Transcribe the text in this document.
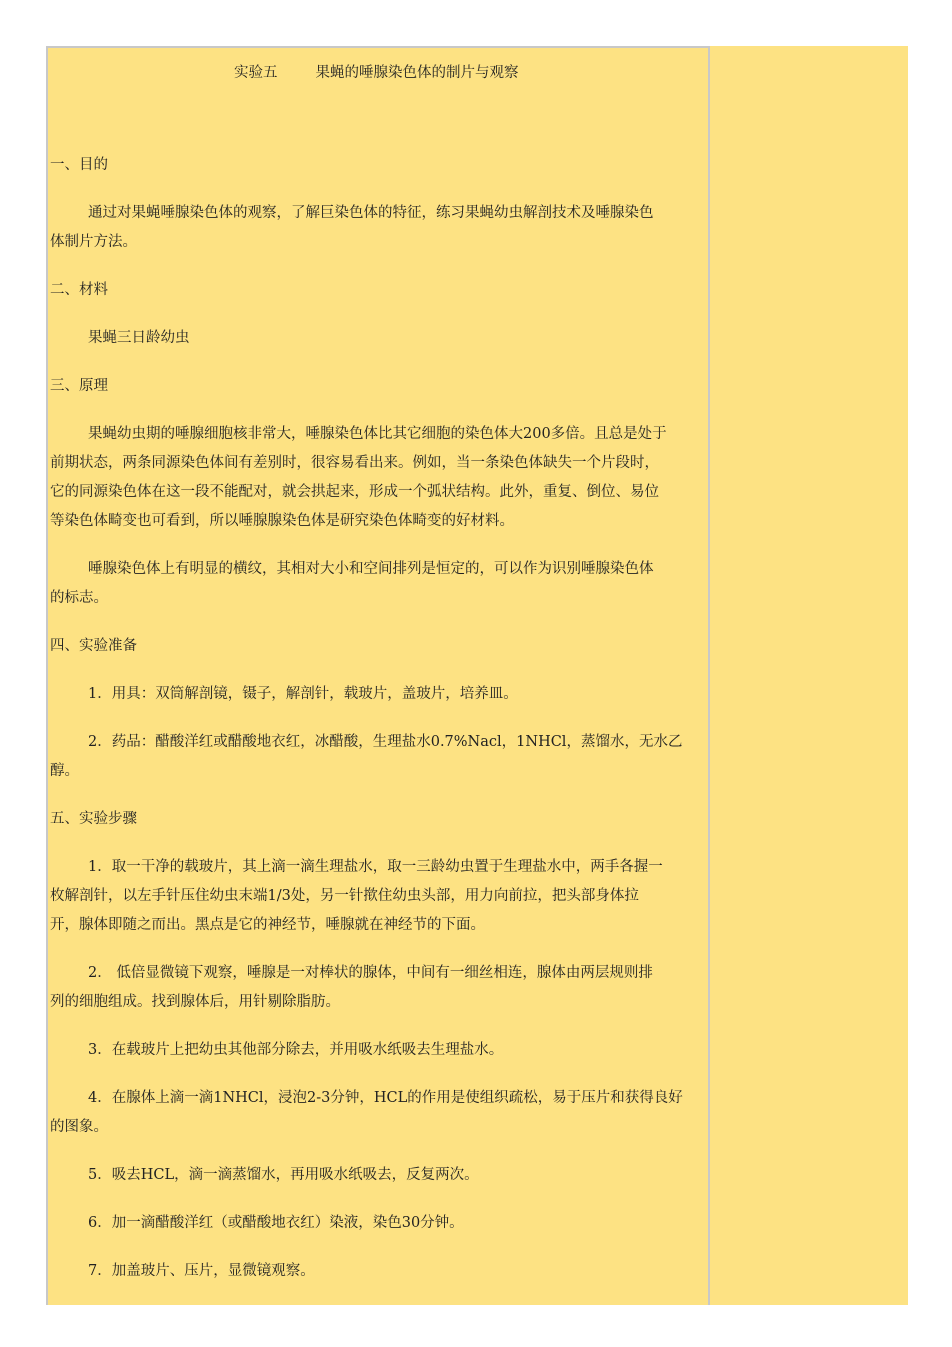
实验五	果蝇的唾腺染色体的制片与观察
一、目的
通过对果蝇唾腺染色体的观察，了解巨染色体的特征，练习果蝇幼虫解剖技术及唾腺染色
体制片方法。
二、材料
果蝇三日龄幼虫
三、原理
果蝇幼虫期的唾腺细胞核非常大，唾腺染色体比其它细胞的染色体大200多倍。且总是处于
前期状态，两条同源染色体间有差别时，很容易看出来。例如，当一条染色体缺失一个片段时，
它的同源染色体在这一段不能配对，就会拱起来，形成一个弧状结构。此外，重复、倒位、易位
等染色体畸变也可看到，所以唾腺腺染色体是研究染色体畸变的好材料。
唾腺染色体上有明显的横纹，其相对大小和空间排列是恒定的，可以作为识别唾腺染色体
的标志。
四、实验准备
1．用具：双筒解剖镜，镊子，解剖针，载玻片，盖玻片，培养皿。
2．药品：醋酸洋红或醋酸地衣红，冰醋酸，生理盐水0.7%Nacl，1NHCl，蒸馏水，无水乙
醇。
五、实验步骤
1．取一干净的载玻片，其上滴一滴生理盐水，取一三龄幼虫置于生理盐水中，两手各握一
枚解剖针，以左手针压住幼虫末端1/3处，另一针揿住幼虫头部，用力向前拉，把头部身体拉
开，腺体即随之而出。黑点是它的神经节，唾腺就在神经节的下面。
2． 低倍显微镜下观察，唾腺是一对棒状的腺体，中间有一细丝相连，腺体由两层规则排
列的细胞组成。找到腺体后，用针剔除脂肪。
3．在载玻片上把幼虫其他部分除去，并用吸水纸吸去生理盐水。
4．在腺体上滴一滴1NHCl，浸泡2-3分钟，HCL的作用是使组织疏松，易于压片和获得良好
的图象。
5．吸去HCL，滴一滴蒸馏水，再用吸水纸吸去，反复两次。
6．加一滴醋酸洋红（或醋酸地衣红）染液，染色30分钟。
7．加盖玻片、压片，显微镜观察。
